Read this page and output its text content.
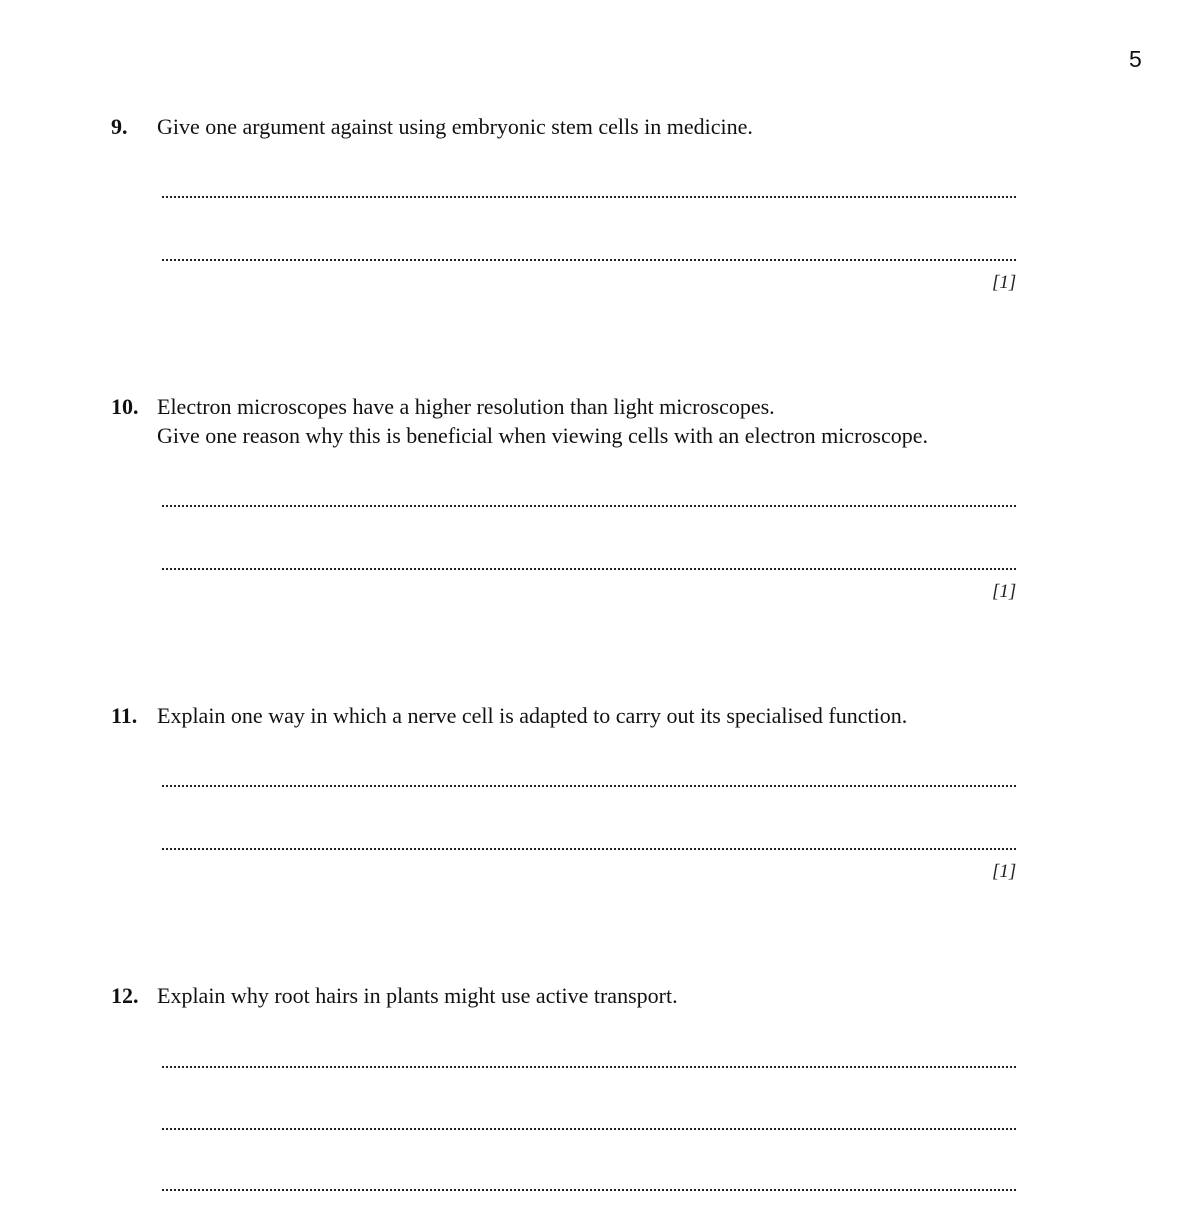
5
9. Give one argument against using embryonic stem cells in medicine.
[1]
10. Electron microscopes have a higher resolution than light microscopes.
Give one reason why this is beneficial when viewing cells with an electron microscope.
[1]
11. Explain one way in which a nerve cell is adapted to carry out its specialised function.
[1]
12. Explain why root hairs in plants might use active transport.
